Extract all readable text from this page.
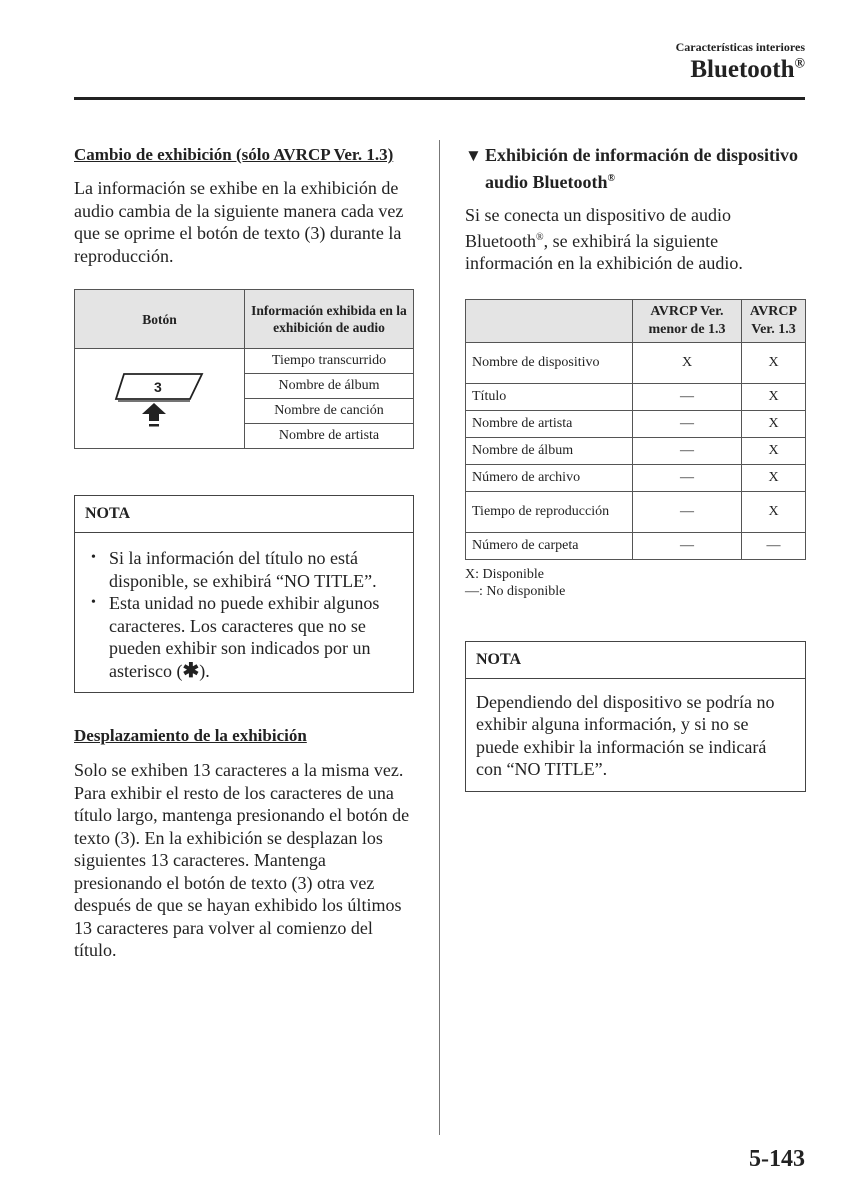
Características interiores
Bluetooth®
Cambio de exhibición (sólo AVRCP Ver. 1.3)
La información se exhibe en la exhibición de audio cambia de la siguiente manera cada vez que se oprime el botón de texto (3) durante la reproducción.
Botón	Información exhibida en la exhibición de audio

3	Tiempo transcurrido
	Nombre de álbum
	Nombre de canción
	Nombre de artista
NOTA
• Si la información del título no está disponible, se exhibirá “NO TITLE”.
• Esta unidad no puede exhibir algunos caracteres. Los caracteres que no se pueden exhibir son indicados por un asterisco (✱).
Desplazamiento de la exhibición
Solo se exhiben 13 caracteres a la misma vez. Para exhibir el resto de los caracteres de una título largo, mantenga presionando el botón de texto (3). En la exhibición se desplazan los siguientes 13 caracteres. Mantenga presionando el botón de texto (3) otra vez después de que se hayan exhibido los últimos 13 caracteres para volver al comienzo del título.
▼ Exhibición de información de dispositivo audio Bluetooth®
Si se conecta un dispositivo de audio Bluetooth®, se exhibirá la siguiente información en la exhibición de audio.
	AVRCP Ver. menor de 1.3	AVRCP Ver. 1.3
Nombre de dispositivo	X	X
Título	—	X
Nombre de artista	—	X
Nombre de álbum	—	X
Número de archivo	—	X
Tiempo de reproducción	—	X
Número de carpeta	—	—
X: Disponible
—: No disponible
NOTA
Dependiendo del dispositivo se podría no exhibir alguna información, y si no se puede exhibir la información se indicará con “NO TITLE”.
5-143
